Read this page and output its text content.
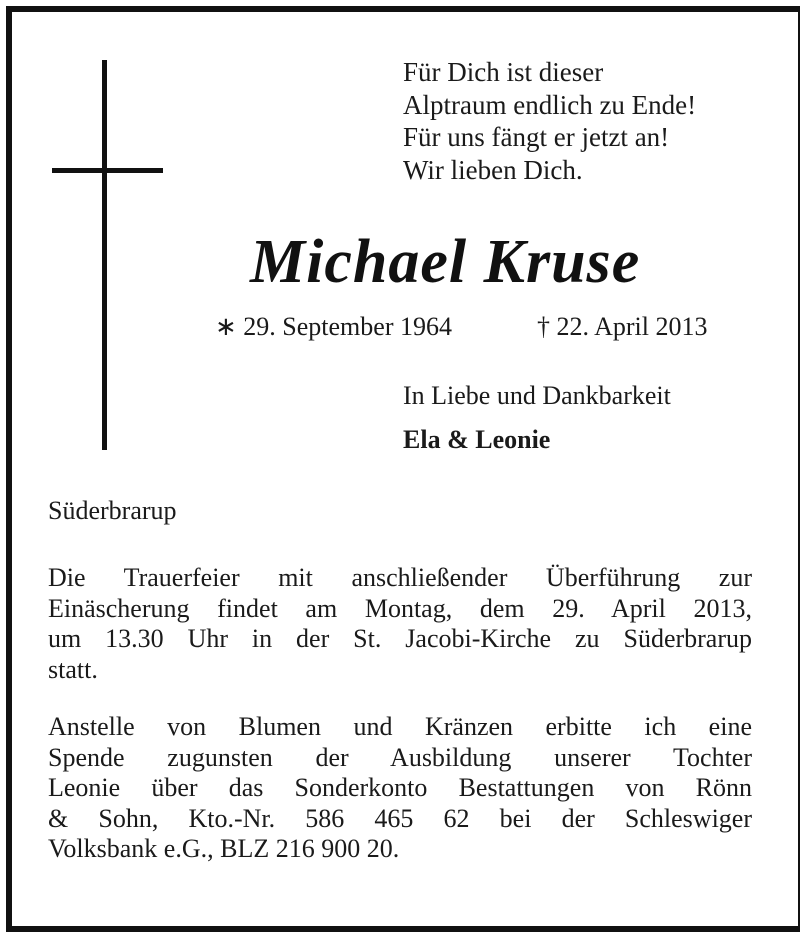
Für Dich ist dieser
Alptraum endlich zu Ende!
Für uns fängt er jetzt an!
Wir lieben Dich.
Michael Kruse
∗ 29. September 1964	† 22. April 2013
In Liebe und Dankbarkeit
Ela & Leonie
Süderbrarup
Die Trauerfeier mit anschließender Überführung zur
Einäscherung findet am Montag, dem 29. April 2013,
um 13.30 Uhr in der St. Jacobi-Kirche zu Süderbrarup
statt.
Anstelle von Blumen und Kränzen erbitte ich eine
Spende zugunsten der Ausbildung unserer Tochter
Leonie über das Sonderkonto Bestattungen von Rönn
& Sohn, Kto.-Nr. 586 465 62 bei der Schleswiger
Volksbank e.G., BLZ 216 900 20.
